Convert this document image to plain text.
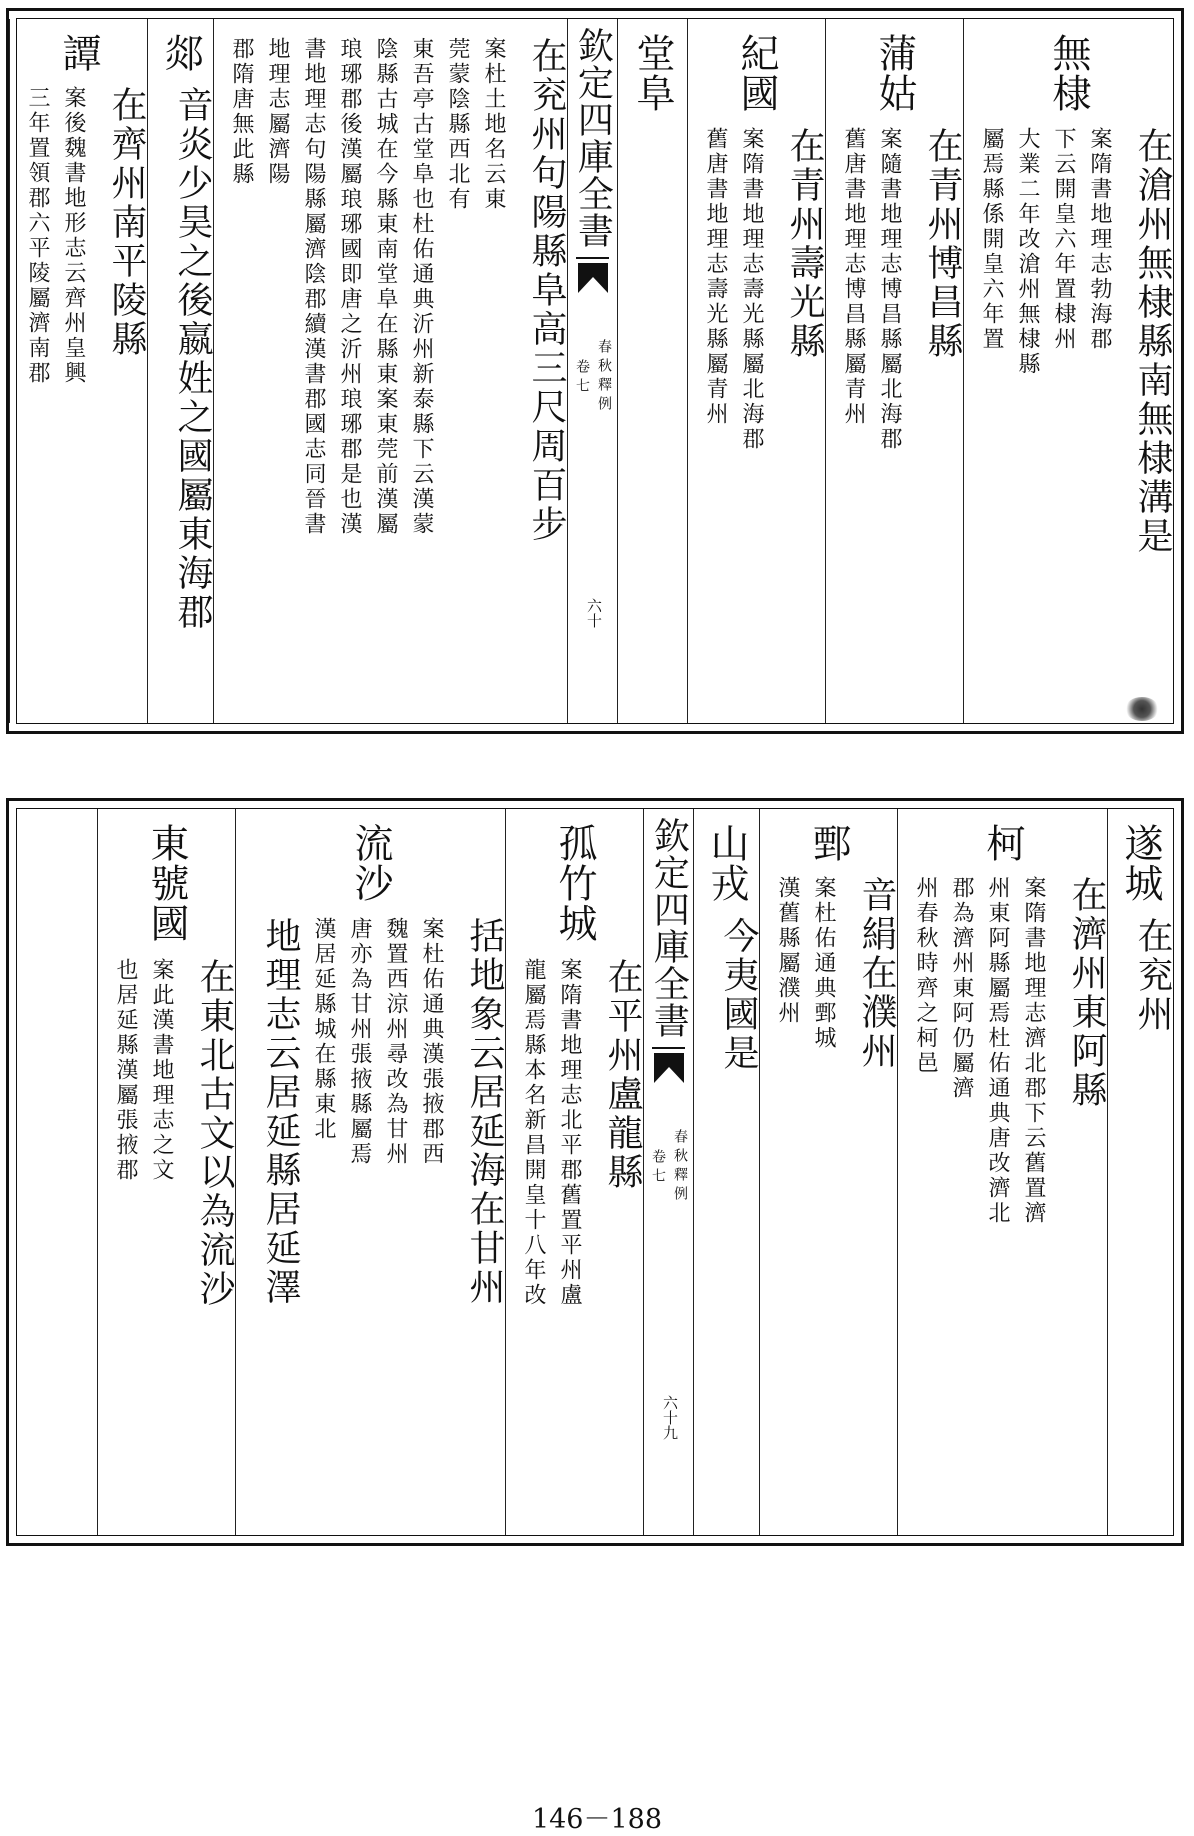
無棣
在滄州無棣縣南無棣溝是
案隋書地理志勃海郡
下云開皇六年置棣州
大業二年改滄州無棣縣
屬焉縣係開皇六年置
蒲姑
在青州博昌縣
案隨書地理志博昌縣屬北海郡
舊唐書地理志博昌縣屬青州
紀國
在青州壽光縣
案隋書地理志壽光縣屬北海郡
舊唐書地理志壽光縣屬青州
堂阜
欽定四庫全書
春秋釋例
卷七
六十
在兖州句陽縣阜高三尺周百步
案杜土地名云東
莞蒙陰縣西北有
東吾亭古堂阜也杜佑通典沂州新泰縣下云漢蒙
陰縣古城在今縣東南堂阜在縣東案東莞前漢屬
琅琊郡後漢屬琅琊國即唐之沂州琅琊郡是也漢
書地理志句陽縣屬濟陰郡續漢書郡國志同晉書
地理志屬濟陽
郡隋唐無此縣
郯
音炎少昊之後嬴姓之國屬東海郡
譚
在齊州南平陵縣
案後魏書地形志云齊州皇興
三年置領郡六平陵屬濟南郡
遂城
在兖州
柯
在濟州東阿縣
案隋書地理志濟北郡下云舊置濟
州東阿縣屬焉杜佑通典唐改濟北
郡為濟州東阿仍屬濟
州春秋時齊之柯邑
鄄
音絹在濮州
案杜佑通典鄄城
漢舊縣屬濮州
山戎
今夷國是
欽定四庫全書
春秋釋例
卷七
六十九
孤竹城
在平州盧龍縣
案隋書地理志北平郡舊置平州盧
龍屬焉縣本名新昌開皇十八年改
流沙
括地象云居延海在甘州
案杜佑通典漢張掖郡西
魏置西涼州尋改為甘州
唐亦為甘州張掖縣屬焉
漢居延縣城在縣東北
地理志云居延縣居延澤
東號國
在東北古文以為流沙
案此漢書地理志之文
也居延縣漢屬張掖郡
146－188
